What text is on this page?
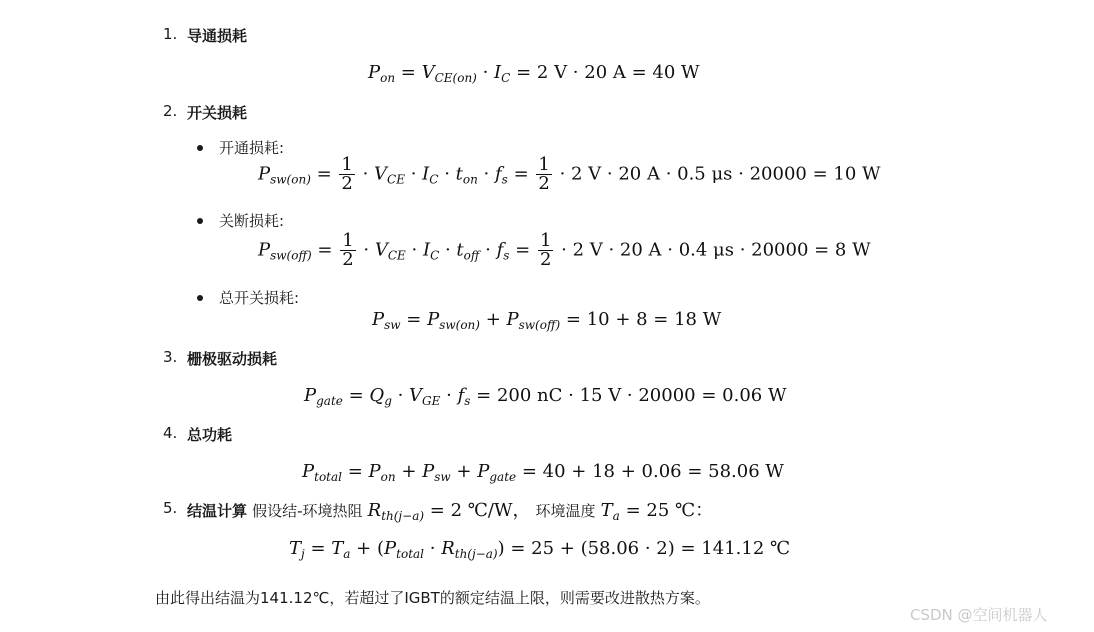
1. 导通损耗
$P_{on} = V_{CE(on)} \cdot I_C = 2$ V · 20 A = 40 W
2. 开关损耗
开通损耗:
$P_{sw(on)} = \frac{1}{2} \cdot V_{CE} \cdot I_C \cdot t_{on} \cdot f_s = \frac{1}{2} \cdot 2$ V · 20 A · 0.5 μs · 20000 = 10 W
关断损耗:
$P_{sw(off)} = \frac{1}{2} \cdot V_{CE} \cdot I_C \cdot t_{off} \cdot f_s = \frac{1}{2} \cdot 2$ V · 20 A · 0.4 μs · 20000 = 8 W
总开关损耗:
$P_{sw} = P_{sw(on)} + P_{sw(off)} = 10 + 8 = 18$ W
3. 栅极驱动损耗
$P_{gate} = Q_g \cdot V_{GE} \cdot f_s = 200$ nC · 15 V · 20000 = 0.06 W
4. 总功耗
$P_{total} = P_{on} + P_{sw} + P_{gate} = 40 + 18 + 0.06 = 58.06$ W
5. 结温计算 假设结-环境热阻 $R_{th(j-a)} = 2$ ℃/W， 环境温度 $T_a = 25$ ℃：
$T_j = T_a + (P_{total} \cdot R_{th(j-a)}) = 25 + (58.06 \cdot 2) = 141.12$ ℃
由此得出结温为141.12℃，若超过了IGBT的额定结温上限，则需要改进散热方案。
CSDN @空间机器人
